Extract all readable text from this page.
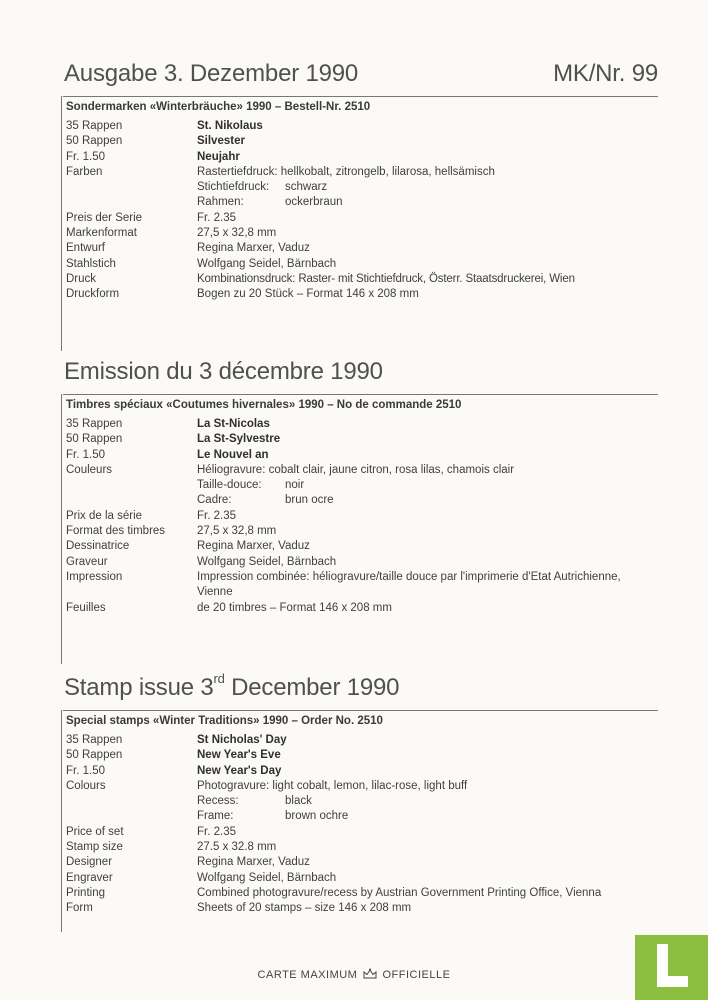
Ausgabe 3. Dezember 1990	MK/Nr. 99
Sondermarken «Winterbräuche» 1990 – Bestell-Nr. 2510
35 Rappen	St. Nikolaus
50 Rappen	Silvester
Fr. 1.50	Neujahr
Farben	Rastertiefdruck: hellkobalt, zitrongelb, lilarosa, hellsämisch
Stichtiefdruck:	schwarz
Rahmen:	ockerbraun
Preis der Serie	Fr. 2.35
Markenformat	27,5 x 32,8 mm
Entwurf	Regina Marxer, Vaduz
Stahlstich	Wolfgang Seidel, Bärnbach
Druck	Kombinationsdruck: Raster- mit Stichtiefdruck, Österr. Staatsdruckerei, Wien
Druckform	Bogen zu 20 Stück – Format 146 x 208 mm
Emission du 3 décembre 1990
Timbres spéciaux «Coutumes hivernales» 1990 – No de commande 2510
35 Rappen	La St-Nicolas
50 Rappen	La St-Sylvestre
Fr. 1.50	Le Nouvel an
Couleurs	Héliogravure: cobalt clair, jaune citron, rosa lilas, chamois clair
Taille-douce:	noir
Cadre:	brun ocre
Prix de la série	Fr. 2.35
Format des timbres	27,5 x 32,8 mm
Dessinatrice	Regina Marxer, Vaduz
Graveur	Wolfgang Seidel, Bärnbach
Impression	Impression combinée: héliogravure/taille douce par l'imprimerie d'Etat Autrichienne, Vienne
Feuilles	de 20 timbres – Format 146 x 208 mm
Stamp issue 3rd December 1990
Special stamps «Winter Traditions» 1990 – Order No. 2510
35 Rappen	St Nicholas' Day
50 Rappen	New Year's Eve
Fr. 1.50	New Year's Day
Colours	Photogravure: light cobalt, lemon, lilac-rose, light buff
Recess:	black
Frame:	brown ochre
Price of set	Fr. 2.35
Stamp size	27.5 x 32.8 mm
Designer	Regina Marxer, Vaduz
Engraver	Wolfgang Seidel, Bärnbach
Printing	Combined photogravure/recess by Austrian Government Printing Office, Vienna
Form	Sheets of 20 stamps – size 146 x 208 mm
CARTE MAXIMUM OFFICIELLE
